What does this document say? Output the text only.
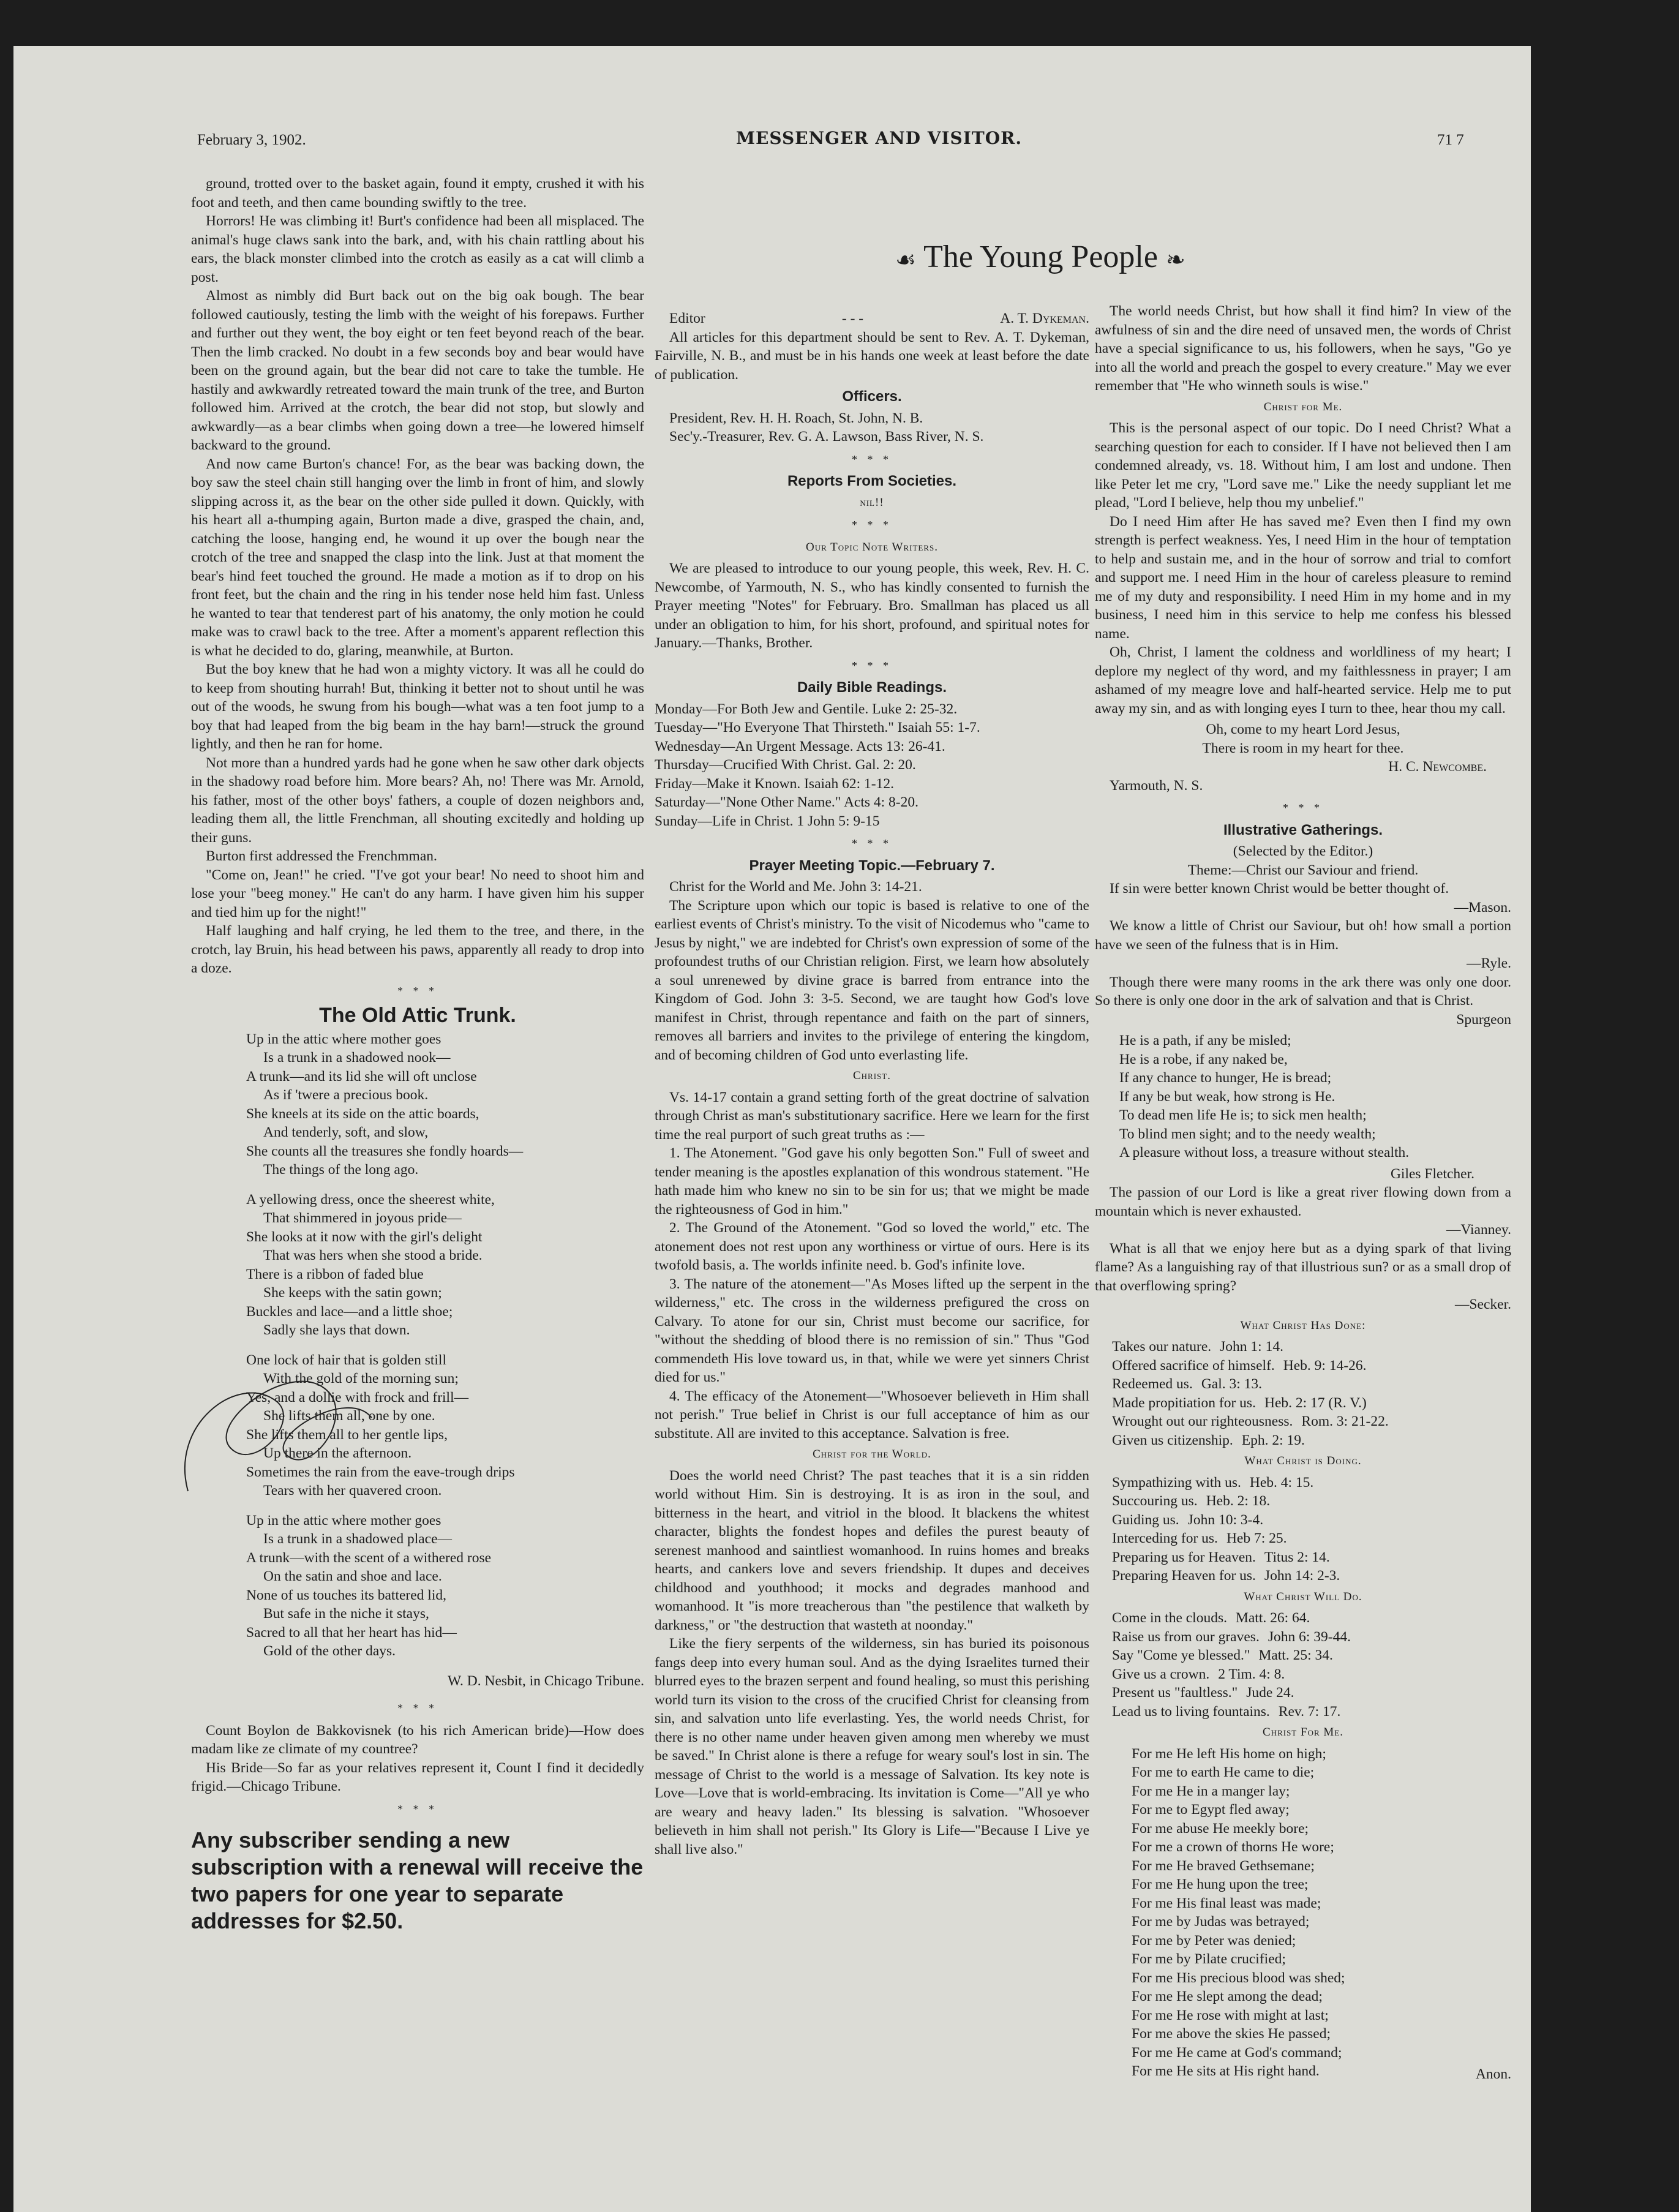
February 3, 1902.	MESSENGER AND VISITOR.	71 7
☙ The Young People ❧

ground, trotted over to the basket again, found it empty, crushed it with his foot and teeth, and then came bounding swiftly to the tree.

Horrors! He was climbing it! Burt's confidence had been all misplaced. The animal's huge claws sank into the bark, and, with his chain rattling about his ears, the black monster climbed into the crotch as easily as a cat will climb a post.

Almost as nimbly did Burt back out on the big oak bough. The bear followed cautiously, testing the limb with the weight of his forepaws. Further and further out they went, the boy eight or ten feet beyond reach of the bear. Then the limb cracked. No doubt in a few seconds boy and bear would have been on the ground again, but the bear did not care to take the tumble. He hastily and awkwardly retreated toward the main trunk of the tree, and Burton followed him. Arrived at the crotch, the bear did not stop, but slowly and awkwardly—as a bear climbs when going down a tree—he lowered himself backward to the ground.

And now came Burton's chance! For, as the bear was backing down, the boy saw the steel chain still hanging over the limb in front of him, and slowly slipping across it, as the bear on the other side pulled it down. Quickly, with his heart all a-thumping again, Burton made a dive, grasped the chain, and, catching the loose, hanging end, he wound it up over the bough near the crotch of the tree and snapped the clasp into the link. Just at that moment the bear's hind feet touched the ground. He made a motion as if to drop on his front feet, but the chain and the ring in his tender nose held him fast. Unless he wanted to tear that tenderest part of his anatomy, the only motion he could make was to crawl back to the tree. After a moment's apparent reflection this is what he decided to do, glaring, meanwhile, at Burton.

But the boy knew that he had won a mighty victory. It was all he could do to keep from shouting hurrah! But, thinking it better not to shout until he was out of the woods, he swung from his bough—what was a ten foot jump to a boy that had leaped from the big beam in the hay barn!—struck the ground lightly, and then he ran for home.

Not more than a hundred yards had he gone when he saw other dark objects in the shadowy road before him. More bears? Ah, no! There was Mr. Arnold, his father, most of the other boys' fathers, a couple of dozen neighbors and, leading them all, the little Frenchman, all shouting excitedly and holding up their guns.

Burton first addressed the Frenchmman.

"Come on, Jean!" he cried. "I've got your bear! No need to shoot him and lose your "beeg money." He can't do any harm. I have given him his supper and tied him up for the night!"

Half laughing and half crying, he led them to the tree, and there, in the crotch, lay Bruin, his head between his paws, apparently all ready to drop into a doze.

* * *
The Old Attic Trunk.
Up in the attic where mother goes
Is a trunk in a shadowed nook—
A trunk—and its lid she will oft unclose
As if 'twere a precious book.
She kneels at its side on the attic boards,
And tenderly, soft, and slow,
She counts all the treasures she fondly hoards—
The things of the long ago.
A yellowing dress, once the sheerest white,
That shimmered in joyous pride—
She looks at it now with the girl's delight
That was hers when she stood a bride.
There is a ribbon of faded blue
She keeps with the satin gown;
Buckles and lace—and a little shoe;
Sadly she lays that down.
One lock of hair that is golden still
With the gold of the morning sun;
Yes, and a dollie with frock and frill—
She lifts them all, one by one.
She lifts them all to her gentle lips,
Up there in the afternoon.
Sometimes the rain from the eave-trough drips
Tears with her quavered croon.
Up in the attic where mother goes
Is a trunk in a shadowed place—
A trunk—with the scent of a withered rose
On the satin and shoe and lace.
None of us touches its battered lid,
But safe in the niche it stays,
Sacred to all that her heart has hid—
Gold of the other days.

W. D. Nesbit, in Chicago Tribune.

* * *

Count Boylon de Bakkovisnek (to his rich American bride)—How does madam like ze climate of my countree?

His Bride—So far as your relatives represent it, Count I find it decidedly frigid.—Chicago Tribune.

* * *
Any subscriber sending a new subscription with a renewal will receive the two papers for one year to separate addresses for $2.50.
Editor	- - -	A. T. Dykeman.

All articles for this department should be sent to Rev. A. T. Dykeman, Fairville, N. B., and must be in his hands one week at least before the date of publication.

Officers.
President, Rev. H. H. Roach, St. John, N. B.
Sec'y.-Treasurer, Rev. G. A. Lawson, Bass River, N. S.
* * *
Reports From Societies.
nil!!
* * *
Our Topic Note Writers.

We are pleased to introduce to our young people, this week, Rev. H. C. Newcombe, of Yarmouth, N. S., who has kindly consented to furnish the Prayer meeting "Notes" for February. Bro. Smallman has placed us all under an obligation to him, for his short, profound, and spiritual notes for January.—Thanks, Brother.

* * *
Daily Bible Readings.
Monday—For Both Jew and Gentile. Luke 2: 25-32.
Tuesday—"Ho Everyone That Thirsteth." Isaiah 55: 1-7.
Wednesday—An Urgent Message. Acts 13: 26-41.
Thursday—Crucified With Christ. Gal. 2: 20.
Friday—Make it Known. Isaiah 62: 1-12.
Saturday—"None Other Name." Acts 4: 8-20.
Sunday—Life in Christ. 1 John 5: 9-15
* * *
Prayer Meeting Topic.—February 7.

Christ for the World and Me. John 3: 14-21.

The Scripture upon which our topic is based is relative to one of the earliest events of Christ's ministry. To the visit of Nicodemus who "came to Jesus by night," we are indebted for Christ's own expression of some of the profoundest truths of our Christian religion. First, we learn how absolutely a soul unrenewed by divine grace is barred from entrance into the Kingdom of God. John 3: 3-5. Second, we are taught how God's love manifest in Christ, through repentance and faith on the part of sinners, removes all barriers and invites to the privilege of entering the kingdom, and of becoming children of God unto everlasting life.

Christ.

Vs. 14-17 contain a grand setting forth of the great doctrine of salvation through Christ as man's substitutionary sacrifice. Here we learn for the first time the real purport of such great truths as :—

1. The Atonement. "God gave his only begotten Son." Full of sweet and tender meaning is the apostles explanation of this wondrous statement. "He hath made him who knew no sin to be sin for us; that we might be made the righteousness of God in him."

2. The Ground of the Atonement. "God so loved the world," etc. The atonement does not rest upon any worthiness or virtue of ours. Here is its twofold basis, a. The worlds infinite need. b. God's infinite love.

3. The nature of the atonement—"As Moses lifted up the serpent in the wilderness," etc. The cross in the wilderness prefigured the cross on Calvary. To atone for our sin, Christ must become our sacrifice, for "without the shedding of blood there is no remission of sin." Thus "God commendeth His love toward us, in that, while we were yet sinners Christ died for us."

4. The efficacy of the Atonement—"Whosoever believeth in Him shall not perish." True belief in Christ is our full acceptance of him as our substitute. All are invited to this acceptance. Salvation is free.

Christ for the World.

Does the world need Christ? The past teaches that it is a sin ridden world without Him. Sin is destroying. It is as iron in the soul, and bitterness in the heart, and vitriol in the blood. It blackens the whitest character, blights the fondest hopes and defiles the purest beauty of serenest manhood and saintliest womanhood. In ruins homes and breaks hearts, and cankers love and severs friendship. It dupes and deceives childhood and youthhood; it mocks and degrades manhood and womanhood. It "is more treacherous than "the pestilence that walketh by darkness," or "the destruction that wasteth at noonday."

Like the fiery serpents of the wilderness, sin has buried its poisonous fangs deep into every human soul. And as the dying Israelites turned their blurred eyes to the brazen serpent and found healing, so must this perishing world turn its vision to the cross of the crucified Christ for cleansing from sin, and salvation unto life everlasting. Yes, the world needs Christ, for there is no other name under heaven given among men whereby we must be saved." In Christ alone is there a refuge for weary soul's lost in sin. The message of Christ to the world is a message of Salvation. Its key note is Love—Love that is world-embracing. Its invitation is Come—"All ye who are weary and heavy laden." Its blessing is salvation. "Whosoever believeth in him shall not perish." Its Glory is Life—"Because I Live ye shall live also."

The world needs Christ, but how shall it find him? In view of the awfulness of sin and the dire need of unsaved men, the words of Christ have a special significance to us, his followers, when he says, "Go ye into all the world and preach the gospel to every creature." May we ever remember that "He who winneth souls is wise."

Christ for Me.

This is the personal aspect of our topic. Do I need Christ? What a searching question for each to consider. If I have not believed then I am condemned already, vs. 18. Without him, I am lost and undone. Then like Peter let me cry, "Lord save me." Like the needy suppliant let me plead, "Lord I believe, help thou my unbelief."

Do I need Him after He has saved me? Even then I find my own strength is perfect weakness. Yes, I need Him in the hour of temptation to help and sustain me, and in the hour of sorrow and trial to comfort and support me. I need Him in the hour of careless pleasure to remind me of my duty and responsibility. I need Him in my home and in my business, I need him in this service to help me confess his blessed name.

Oh, Christ, I lament the coldness and worldliness of my heart; I deplore my neglect of thy word, and my faithlessness in prayer; I am ashamed of my meagre love and half-hearted service. Help me to put away my sin, and as with longing eyes I turn to thee, hear thou my call.

Oh, come to my heart Lord Jesus,
There is room in my heart for thee.

H. C. Newcombe.

Yarmouth, N. S.

* * *
Illustrative Gatherings.

(Selected by the Editor.)

Theme:—Christ our Saviour and friend.

If sin were better known Christ would be better thought of.

—Mason.

We know a little of Christ our Saviour, but oh! how small a portion have we seen of the fulness that is in Him.

—Ryle.

Though there were many rooms in the ark there was only one door. So there is only one door in the ark of salvation and that is Christ.

Spurgeon

He is a path, if any be misled;
He is a robe, if any naked be,
If any chance to hunger, He is bread;
If any be but weak, how strong is He.
To dead men life He is; to sick men health;
To blind men sight; and to the needy wealth;
A pleasure without loss, a treasure without stealth.

Giles Fletcher.

The passion of our Lord is like a great river flowing down from a mountain which is never exhausted.

—Vianney.

What is all that we enjoy here but as a dying spark of that living flame? As a languishing ray of that illustrious sun? or as a small drop of that overflowing spring?

—Secker.

What Christ Has Done:
Takes our nature. John 1: 14.
Offered sacrifice of himself. Heb. 9: 14-26.
Redeemed us. Gal. 3: 13.
Made propitiation for us. Heb. 2: 17 (R. V.)
Wrought out our righteousness. Rom. 3: 21-22.
Given us citizenship. Eph. 2: 19.
What Christ is Doing.
Sympathizing with us. Heb. 4: 15.
Succouring us. Heb. 2: 18.
Guiding us. John 10: 3-4.
Interceding for us. Heb 7: 25.
Preparing us for Heaven. Titus 2: 14.
Preparing Heaven for us. John 14: 2-3.
What Christ Will Do.
Come in the clouds. Matt. 26: 64.
Raise us from our graves. John 6: 39-44.
Say "Come ye blessed." Matt. 25: 34.
Give us a crown. 2 Tim. 4: 8.
Present us "faultless." Jude 24.
Lead us to living fountains. Rev. 7: 17.
Christ For Me.
For me He left His home on high;
For me to earth He came to die;
For me He in a manger lay;
For me to Egypt fled away;
For me abuse He meekly bore;
For me a crown of thorns He wore;
For me He braved Gethsemane;
For me He hung upon the tree;
For me His final least was made;
For me by Judas was betrayed;
For me by Peter was denied;
For me by Pilate crucified;
For me His precious blood was shed;
For me He slept among the dead;
For me He rose with might at last;
For me above the skies He passed;
For me He came at God's command;
For me He sits at His right hand.	Anon.
